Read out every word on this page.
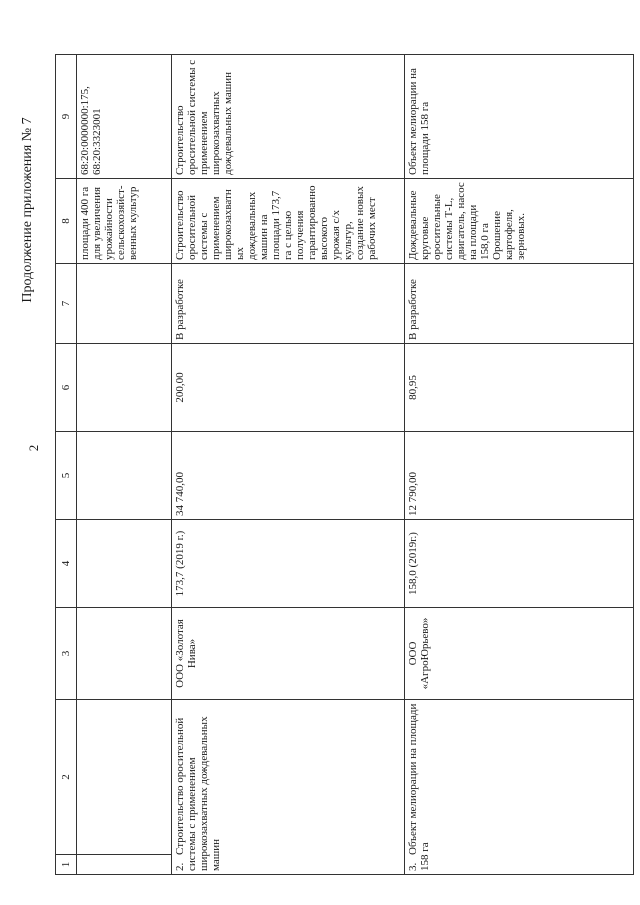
2
Продолжение приложения № 7
1	2	3	4	5	6	7	8	9
							площади 400 га для увеличения урожайности сельскохозяйст-венных культур	68:20:0000000:175, 68:20:3323001
2.Строительство оросительной системы с применением широкозахватных дождевальных машин		ООО «Золотая Нива»	173,7 (2019 г.)	34 740,00	200,00	В разработке	Строительство оросительной системы с применением широкозахватных дождевальных машин на площади 173,7 га с целью получения гарантированно высокого урожая с/х культур, создание новых рабочих мест	Строительство оросительной системы с применением широкозахватных дождевальных машин
3.Объект мелиорации на площади 158 га		ООО «АгроЮрьево»	158,0 (2019г.)	12 790,00	80,95	В разработке	Дождевальные круговые оросительные системы Т-L, двигатель, насос на площади 158,0 га Орошение картофеля, зерновых.	Объект мелиорации на площади 158 га
